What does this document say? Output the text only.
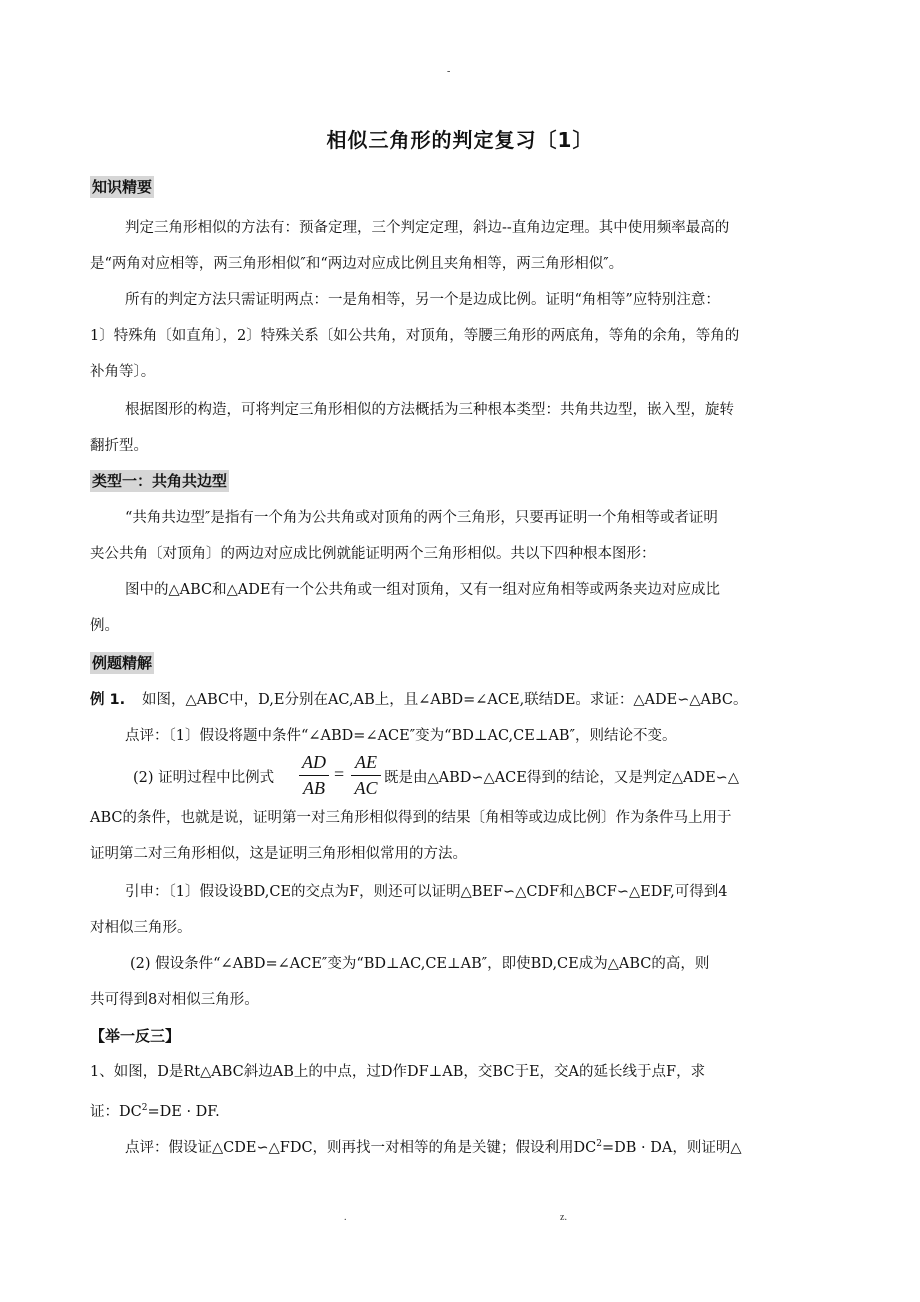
-
相似三角形的判定复习〔1〕
知识精要
判定三角形相似的方法有：预备定理，三个判定定理，斜边--直角边定理。其中使用频率最高的
是“两角对应相等，两三角形相似″和“两边对应成比例且夹角相等，两三角形相似″。
所有的判定方法只需证明两点：一是角相等，另一个是边成比例。证明“角相等”应特别注意：
1〕特殊角〔如直角〕，2〕特殊关系〔如公共角，对顶角，等腰三角形的两底角，等角的余角，等角的
补角等〕。
根据图形的构造，可将判定三角形相似的方法概括为三种根本类型：共角共边型，嵌入型，旋转
翻折型。
类型一：共角共边型
“共角共边型″是指有一个角为公共角或对顶角的两个三角形，只要再证明一个角相等或者证明
夹公共角〔对顶角〕的两边对应成比例就能证明两个三角形相似。共以下四种根本图形：
图中的△ABC和△ADE有一个公共角或一组对顶角，又有一组对应角相等或两条夹边对应成比
例。
例题精解
例 1. 如图，△ABC中，D,E分别在AC,AB上，且∠ABD=∠ACE,联结DE。求证：△ADE∽△ABC。
点评：〔1〕假设将题中条件“∠ABD=∠ACE″变为“BD⊥AC,CE⊥AB″，则结论不变。
(2) 证明过程中比例式
AD
AB
=
AE
AC 既是由△ABD∽△ACE得到的结论，又是判定△ADE∽△
ABC的条件，也就是说，证明第一对三角形相似得到的结果〔角相等或边成比例〕作为条件马上用于
证明第二对三角形相似，这是证明三角形相似常用的方法。
引申：〔1〕假设设BD,CE的交点为F，则还可以证明△BEF∽△CDF和△BCF∽△EDF,可得到4
对相似三角形。
(2) 假设条件“∠ABD=∠ACE″变为“BD⊥AC,CE⊥AB″，即使BD,CE成为△ABC的高，则
共可得到8对相似三角形。
【举一反三】
1、如图，D是Rt△ABC斜边AB上的中点，过D作DF⊥AB，交BC于E，交A的延长线于点F，求
证：$DC^2=DE$ · DF.
点评：假设证△CDE∽△FDC，则再找一对相等的角是关键；假设利用$DC^2=DB$ · DA，则证明△
.	z.
